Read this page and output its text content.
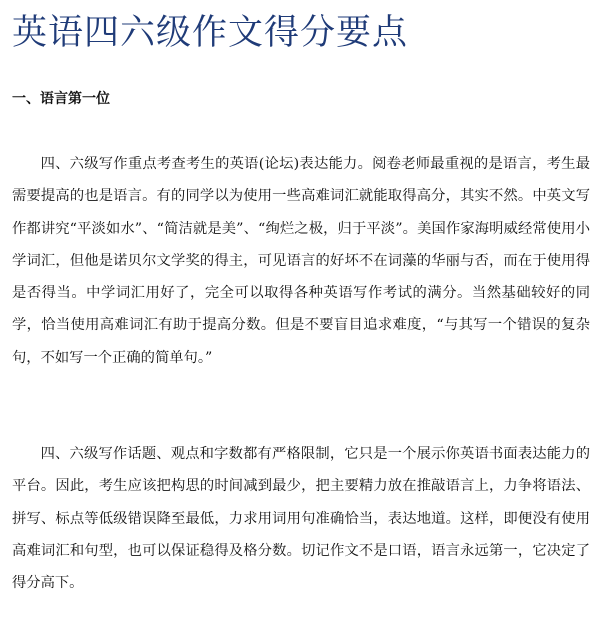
英语四六级作文得分要点
一、语言第一位

四、六级写作重点考查考生的英语(论坛)表达能力。阅卷老师最重视的是语言，考生最需要提高的也是语言。有的同学以为使用一些高难词汇就能取得高分，其实不然。中英文写作都讲究“平淡如水”、“简洁就是美”、“绚烂之极，归于平淡”。美国作家海明威经常使用小学词汇，但他是诺贝尔文学奖的得主，可见语言的好坏不在词藻的华丽与否，而在于使用得是否得当。中学词汇用好了，完全可以取得各种英语写作考试的满分。当然基础较好的同学，恰当使用高难词汇有助于提高分数。但是不要盲目追求难度，“与其写一个错误的复杂句，不如写一个正确的简单句。”

四、六级写作话题、观点和字数都有严格限制，它只是一个展示你英语书面表达能力的平台。因此，考生应该把构思的时间减到最少，把主要精力放在推敲语言上，力争将语法、拼写、标点等低级错误降至最低，力求用词用句准确恰当，表达地道。这样，即便没有使用高难词汇和句型，也可以保证稳得及格分数。切记作文不是口语，语言永远第一，它决定了得分高下。
